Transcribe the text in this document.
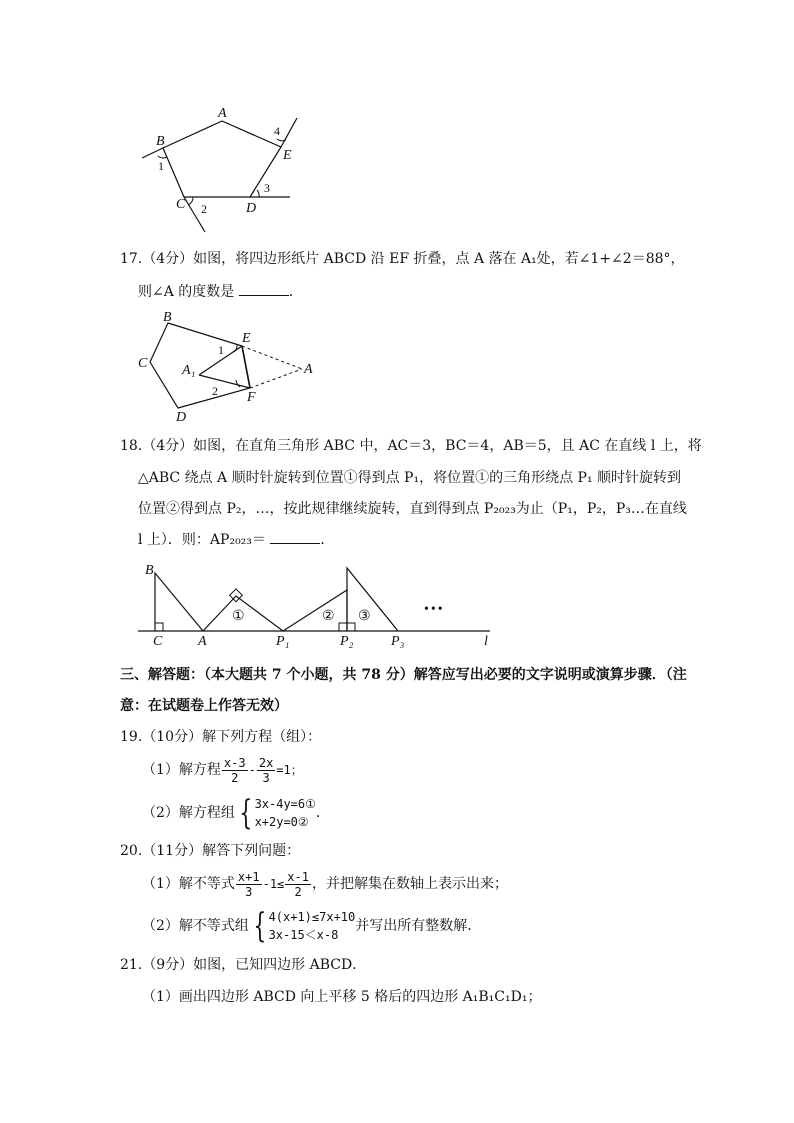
A
B
C	D
E
1
2
3
4
17.（4分）如图，将四边形纸片 ABCD 沿 EF 折叠，点 A 落在 A₁处，若∠1+∠2＝88°，
则∠A 的度数是	．
B
C
D
E
F
A
A₁
1
2
18.（4分）如图，在直角三角形 ABC 中，AC＝3，BC＝4，AB＝5，且 AC 在直线 l 上，将
△ABC 绕点 A 顺时针旋转到位置①得到点 P₁，将位置①的三角形绕点 P₁ 顺时针旋转到
位置②得到点 P₂，…，按此规律继续旋转，直到得到点 P₂₀₂₃为止（P₁，P₂，P₃…在直线
l 上）．则：AP₂₀₂₃＝	．
B
C	A	P₁	P₂	P₃	l
①	② ③	•••
三、解答题：（本大题共 7 个小题，共 78 分）解答应写出必要的文字说明或演算步骤．（注
意：在试题卷上作答无效）
19.（10分）解下列方程（组）：
（1）解方程 $\frac{x-3}{2} - \frac{2x}{3} =1$；
（2）解方程组 { 3x-4y=6①
x+2y=0②
．
20.（11分）解答下列问题：
（1）解不等式 $\frac{x+1}{3} -1\le \frac{x-1}{2}$ ，并把解集在数轴上表示出来；
（2）解不等式组 { 4(x+1)≤7x+10
3x-15＜x-8
并写出所有整数解．
21.（9分）如图，已知四边形 ABCD．
（1）画出四边形 ABCD 向上平移 5 格后的四边形 A₁B₁C₁D₁；
